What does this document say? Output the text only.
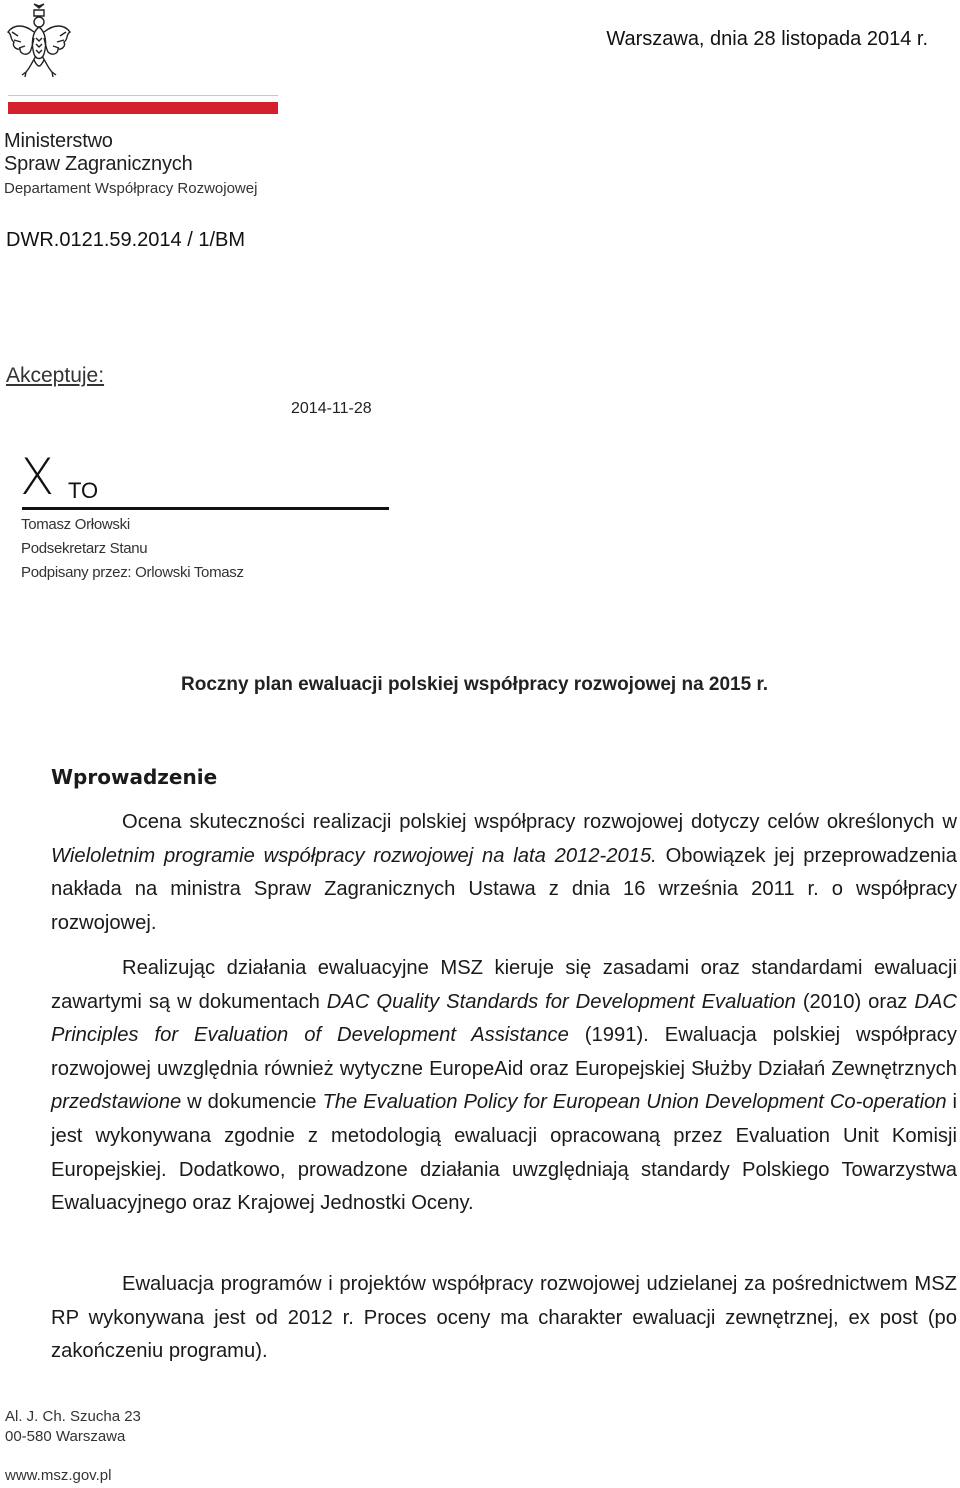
Ministerstwo
Spraw Zagranicznych
Departament Współpracy Rozwojowej
Warszawa, dnia 28 listopada 2014 r.
DWR.0121.59.2014 / 1/BM
Akceptuje:
2014-11-28
X TO
Tomasz Orłowski
Podsekretarz Stanu
Podpisany przez: Orlowski Tomasz
Roczny plan ewaluacji polskiej współpracy rozwojowej na 2015 r.
Wprowadzenie
Ocena skuteczności realizacji polskiej współpracy rozwojowej dotyczy celów określonych w Wieloletnim programie współpracy rozwojowej na lata 2012-2015. Obowiązek jej przeprowadzenia nakłada na ministra Spraw Zagranicznych Ustawa z dnia 16 września 2011 r. o współpracy rozwojowej.
Realizując działania ewaluacyjne MSZ kieruje się zasadami oraz standardami ewaluacji zawartymi są w dokumentach DAC Quality Standards for Development Evaluation (2010) oraz DAC Principles for Evaluation of Development Assistance (1991). Ewaluacja polskiej współpracy rozwojowej uwzględnia również wytyczne EuropeAid oraz Europejskiej Służby Działań Zewnętrznych przedstawione w dokumencie The Evaluation Policy for European Union Development Co-operation i jest wykonywana zgodnie z metodologią ewaluacji opracowaną przez Evaluation Unit Komisji Europejskiej. Dodatkowo, prowadzone działania uwzględniają standardy Polskiego Towarzystwa Ewaluacyjnego oraz Krajowej Jednostki Oceny.
Ewaluacja programów i projektów współpracy rozwojowej udzielanej za pośrednictwem MSZ RP wykonywana jest od 2012 r. Proces oceny ma charakter ewaluacji zewnętrznej, ex post (po zakończeniu programu).
Al. J. Ch. Szucha 23
00-580 Warszawa
www.msz.gov.pl
